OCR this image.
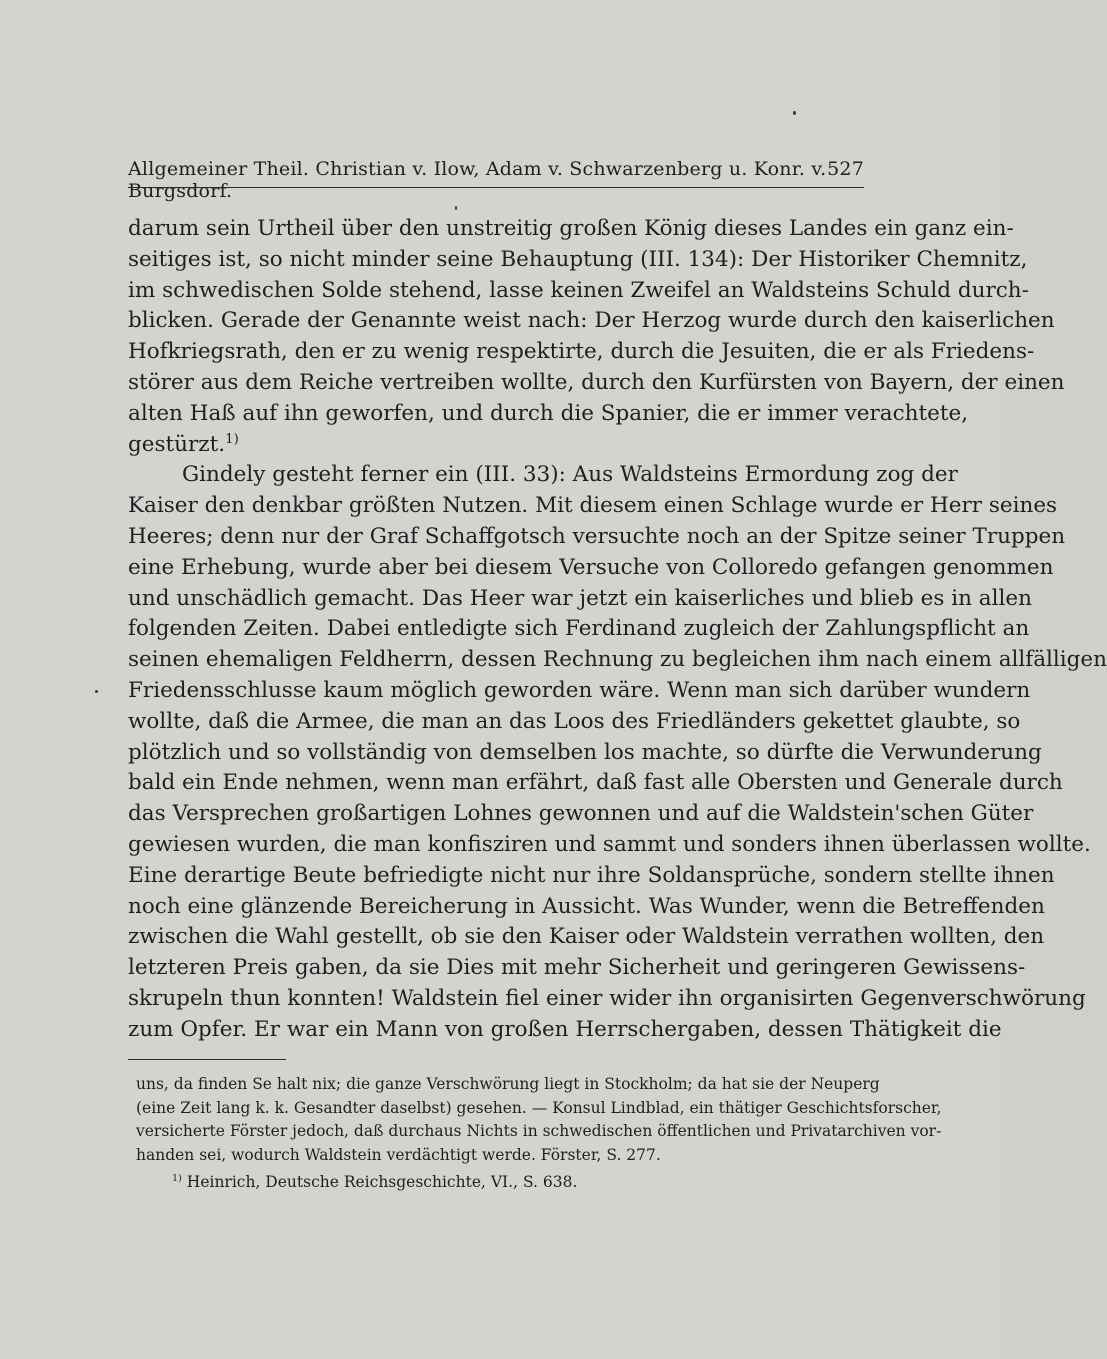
Allgemeiner Theil. Christian v. Ilow, Adam v. Schwarzenberg u. Konr. v. Burgsdorf.
527
darum sein Urtheil über den unstreitig großen König dieses Landes ein ganz ein-
seitiges ist, so nicht minder seine Behauptung (III. 134): Der Historiker Chemnitz,
im schwedischen Solde stehend, lasse keinen Zweifel an Waldsteins Schuld durch-
blicken. Gerade der Genannte weist nach: Der Herzog wurde durch den kaiserlichen
Hofkriegsrath, den er zu wenig respektirte, durch die Jesuiten, die er als Friedens-
störer aus dem Reiche vertreiben wollte, durch den Kurfürsten von Bayern, der einen
alten Haß auf ihn geworfen, und durch die Spanier, die er immer verachtete,
gestürzt.$^{1)}$
Gindely gesteht ferner ein (III. 33): Aus Waldsteins Ermordung zog der
Kaiser den denkbar größten Nutzen. Mit diesem einen Schlage wurde er Herr seines
Heeres; denn nur der Graf Schaffgotsch versuchte noch an der Spitze seiner Truppen
eine Erhebung, wurde aber bei diesem Versuche von Colloredo gefangen genommen
und unschädlich gemacht. Das Heer war jetzt ein kaiserliches und blieb es in allen
folgenden Zeiten. Dabei entledigte sich Ferdinand zugleich der Zahlungspflicht an
seinen ehemaligen Feldherrn, dessen Rechnung zu begleichen ihm nach einem allfälligen
Friedensschlusse kaum möglich geworden wäre. Wenn man sich darüber wundern
wollte, daß die Armee, die man an das Loos des Friedländers gekettet glaubte, so
plötzlich und so vollständig von demselben los machte, so dürfte die Verwunderung
bald ein Ende nehmen, wenn man erfährt, daß fast alle Obersten und Generale durch
das Versprechen großartigen Lohnes gewonnen und auf die Waldstein'schen Güter
gewiesen wurden, die man konfisziren und sammt und sonders ihnen überlassen wollte.
Eine derartige Beute befriedigte nicht nur ihre Soldansprüche, sondern stellte ihnen
noch eine glänzende Bereicherung in Aussicht. Was Wunder, wenn die Betreffenden
zwischen die Wahl gestellt, ob sie den Kaiser oder Waldstein verrathen wollten, den
letzteren Preis gaben, da sie Dies mit mehr Sicherheit und geringeren Gewissens-
skrupeln thun konnten! Waldstein fiel einer wider ihn organisirten Gegenverschwörung
zum Opfer. Er war ein Mann von großen Herrschergaben, dessen Thätigkeit die
uns, da finden Se halt nix; die ganze Verschwörung liegt in Stockholm; da hat sie der Neuperg
(eine Zeit lang k. k. Gesandter daselbst) gesehen. — Konsul Lindblad, ein thätiger Geschichtsforscher,
versicherte Förster jedoch, daß durchaus Nichts in schwedischen öffentlichen und Privatarchiven vor-
handen sei, wodurch Waldstein verdächtigt werde. Förster, S. 277.
$^{1)}$ Heinrich, Deutsche Reichsgeschichte, VI., S. 638.
